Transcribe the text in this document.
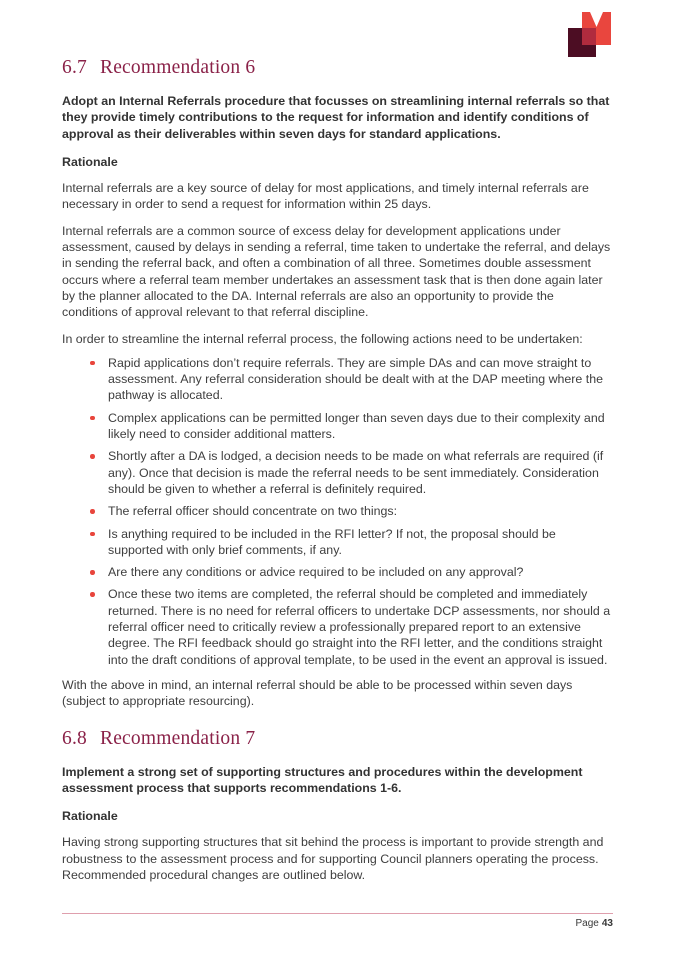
6.7 Recommendation 6

Adopt an Internal Referrals procedure that focusses on streamlining internal referrals so that they provide timely contributions to the request for information and identify conditions of approval as their deliverables within seven days for standard applications.

Rationale

Internal referrals are a key source of delay for most applications, and timely internal referrals are necessary in order to send a request for information within 25 days.

Internal referrals are a common source of excess delay for development applications under assessment, caused by delays in sending a referral, time taken to undertake the referral, and delays in sending the referral back, and often a combination of all three. Sometimes double assessment occurs where a referral team member undertakes an assessment task that is then done again later by the planner allocated to the DA. Internal referrals are also an opportunity to provide the conditions of approval relevant to that referral discipline.

In order to streamline the internal referral process, the following actions need to be undertaken:

Rapid applications don’t require referrals. They are simple DAs and can move straight to assessment. Any referral consideration should be dealt with at the DAP meeting where the pathway is allocated.
Complex applications can be permitted longer than seven days due to their complexity and likely need to consider additional matters.
Shortly after a DA is lodged, a decision needs to be made on what referrals are required (if any). Once that decision is made the referral needs to be sent immediately. Consideration should be given to whether a referral is definitely required.
The referral officer should concentrate on two things:
Is anything required to be included in the RFI letter? If not, the proposal should be supported with only brief comments, if any.
Are there any conditions or advice required to be included on any approval?
Once these two items are completed, the referral should be completed and immediately returned. There is no need for referral officers to undertake DCP assessments, nor should a referral officer need to critically review a professionally prepared report to an extensive degree. The RFI feedback should go straight into the RFI letter, and the conditions straight into the draft conditions of approval template, to be used in the event an approval is issued.

With the above in mind, an internal referral should be able to be processed within seven days (subject to appropriate resourcing).

6.8 Recommendation 7

Implement a strong set of supporting structures and procedures within the development assessment process that supports recommendations 1-6.

Rationale

Having strong supporting structures that sit behind the process is important to provide strength and robustness to the assessment process and for supporting Council planners operating the process. Recommended procedural changes are outlined below.

Page 43
